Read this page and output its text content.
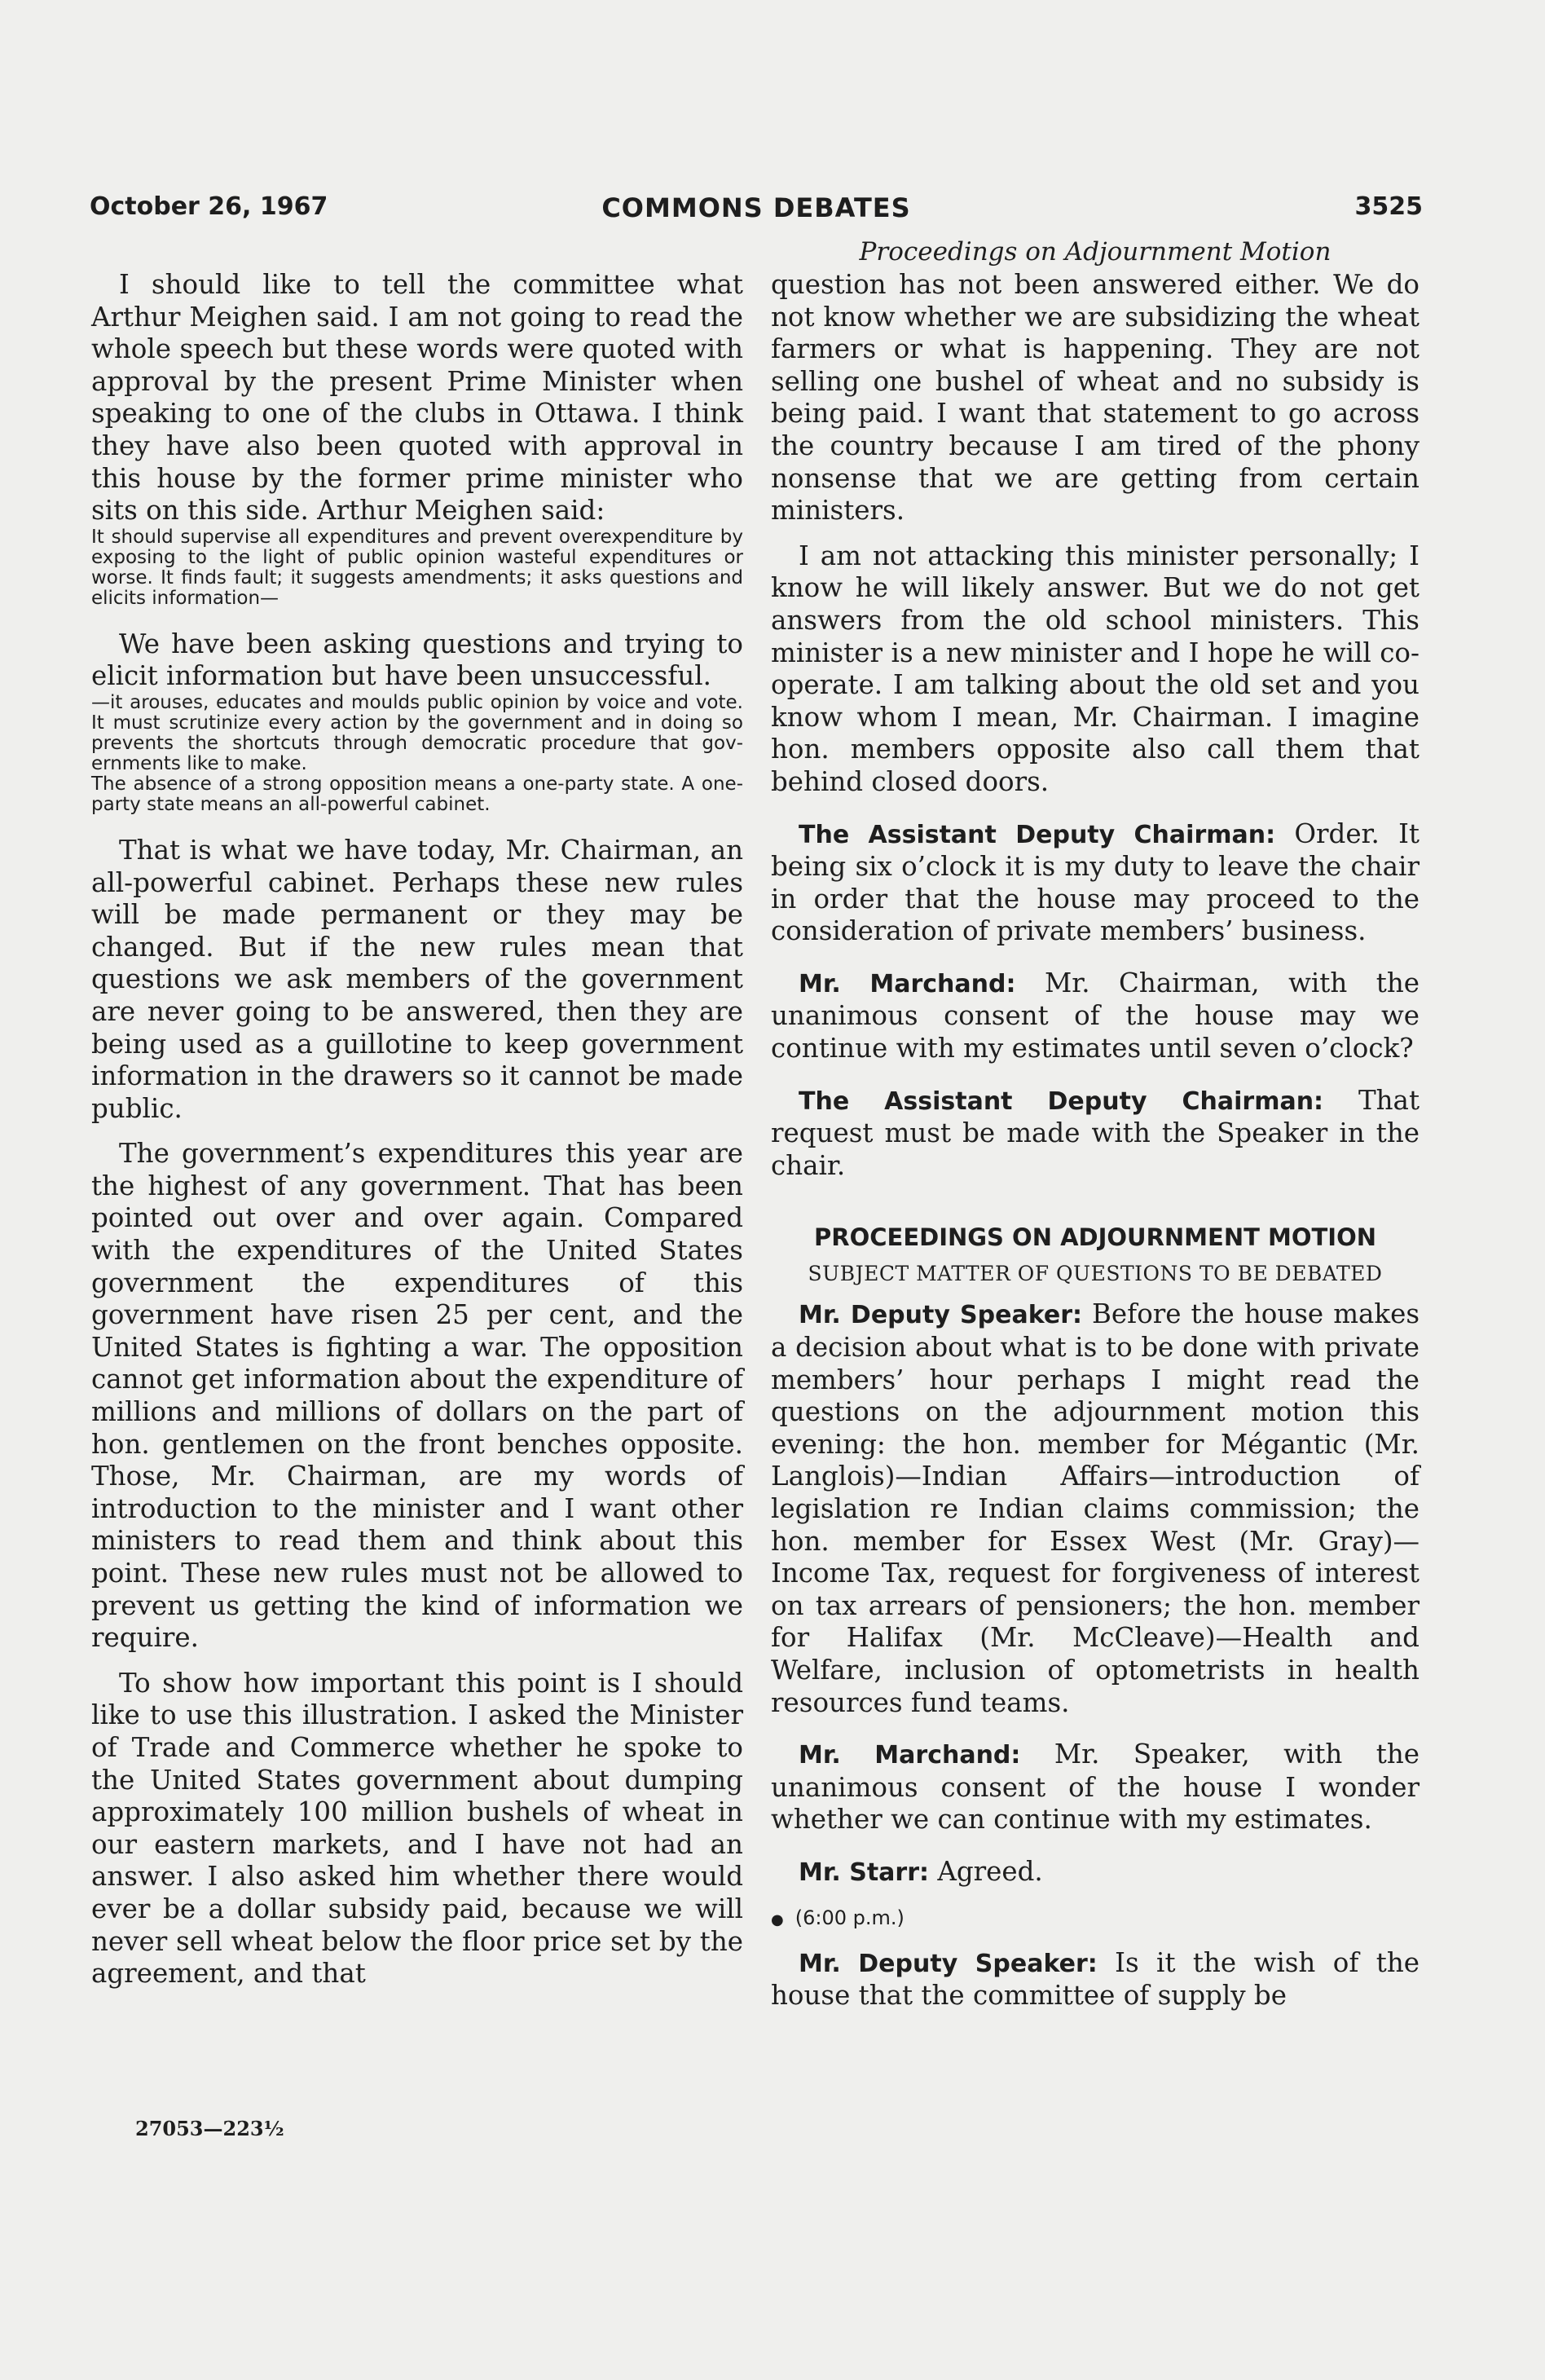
October 26, 1967	COMMONS DEBATES	3525

I should like to tell the committee what Arthur Meighen said. I am not going to read the whole speech but these words were quoted with approval by the present Prime Minister when speaking to one of the clubs in Ottawa. I think they have also been quoted with approval in this house by the former prime minister who sits on this side. Arthur Meighen said:

It should supervise all expenditures and prevent overexpenditure by exposing to the light of public opinion wasteful expenditures or worse. It finds fault; it suggests amendments; it asks questions and elicits information—

We have been asking questions and trying to elicit information but have been unsuccessful.

—it arouses, educates and moulds public opinion by voice and vote. It must scrutinize every action by the government and in doing so prevents the shortcuts through democratic procedure that governments like to make.

The absence of a strong opposition means a one-party state. A one-party state means an all-powerful cabinet.

That is what we have today, Mr. Chairman, an all-powerful cabinet. Perhaps these new rules will be made permanent or they may be changed. But if the new rules mean that questions we ask members of the government are never going to be answered, then they are being used as a guillotine to keep government information in the drawers so it cannot be made public.

The government’s expenditures this year are the highest of any government. That has been pointed out over and over again. Compared with the expenditures of the United States government the expenditures of this government have risen 25 per cent, and the United States is fighting a war. The opposition cannot get information about the expenditure of millions and millions of dollars on the part of hon. gentlemen on the front benches opposite. Those, Mr. Chairman, are my words of introduction to the minister and I want other ministers to read them and think about this point. These new rules must not be allowed to prevent us getting the kind of information we require.

To show how important this point is I should like to use this illustration. I asked the Minister of Trade and Commerce whether he spoke to the United States government about dumping approximately 100 million bushels of wheat in our eastern markets, and I have not had an answer. I also asked him whether there would ever be a dollar subsidy paid, because we will never sell wheat below the floor price set by the agreement, and that

27053—223½

Proceedings on Adjournment Motion

question has not been answered either. We do not know whether we are subsidizing the wheat farmers or what is happening. They are not selling one bushel of wheat and no subsidy is being paid. I want that statement to go across the country because I am tired of the phony nonsense that we are getting from certain ministers.

I am not attacking this minister personally; I know he will likely answer. But we do not get answers from the old school ministers. This minister is a new minister and I hope he will co-operate. I am talking about the old set and you know whom I mean, Mr. Chairman. I imagine hon. members opposite also call them that behind closed doors.

The Assistant Deputy Chairman: Order. It being six o’clock it is my duty to leave the chair in order that the house may proceed to the consideration of private members’ business.

Mr. Marchand: Mr. Chairman, with the unanimous consent of the house may we continue with my estimates until seven o’clock?

The Assistant Deputy Chairman: That request must be made with the Speaker in the chair.

PROCEEDINGS ON ADJOURNMENT MOTION

SUBJECT MATTER OF QUESTIONS TO BE DEBATED

Mr. Deputy Speaker: Before the house makes a decision about what is to be done with private members’ hour perhaps I might read the questions on the adjournment motion this evening: the hon. member for Mégantic (Mr. Langlois)—Indian Affairs—introduction of legislation re Indian claims commission; the hon. member for Essex West (Mr. Gray)—Income Tax, request for forgiveness of interest on tax arrears of pensioners; the hon. member for Halifax (Mr. McCleave)—Health and Welfare, inclusion of optometrists in health resources fund teams.

Mr. Marchand: Mr. Speaker, with the unanimous consent of the house I wonder whether we can continue with my estimates.

Mr. Starr: Agreed.

● (6:00 p.m.)

Mr. Deputy Speaker: Is it the wish of the house that the committee of supply be
